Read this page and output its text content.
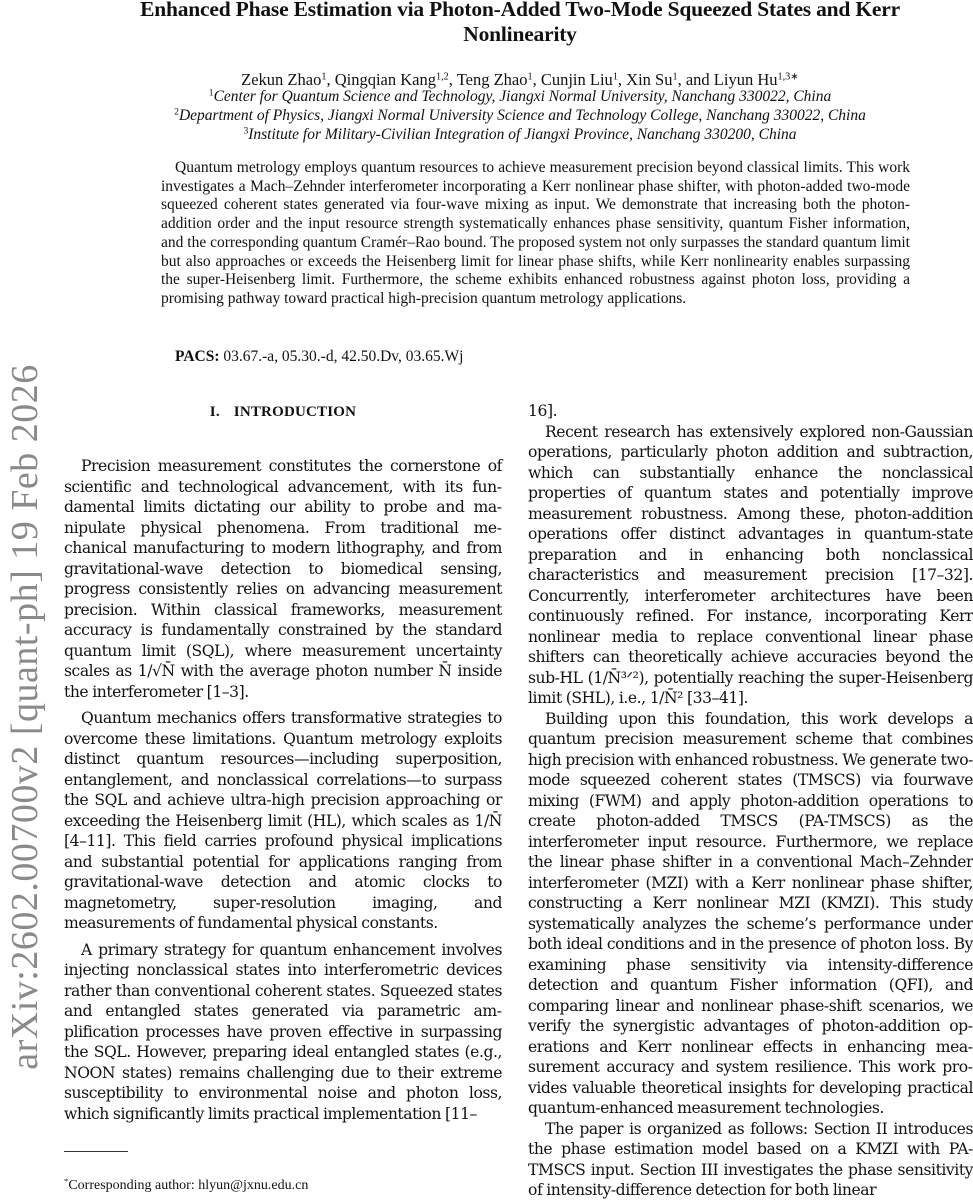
arXiv:2602.00700v2 [quant-ph] 19 Feb 2026
Enhanced Phase Estimation via Photon-Added Two-Mode Squeezed States and Kerr
Nonlinearity
Zekun Zhao$^1$, Qingqian Kang$^{1,2}$, Teng Zhao$^1$, Cunjin Liu$^1$, Xin Su$^1$, and Liyun $Hu^{1,3∗}$
$^1$Center for Quantum Science and Technology, Jiangxi Normal University, Nanchang 330022, China
$^2$Department of Physics, Jiangxi Normal University Science and Technology College, Nanchang 330022, China
$^3$Institute for Military-Civilian Integration of Jiangxi Province, Nanchang 330200, China
Quantum metrology employs quantum resources to achieve measurement precision beyond classical limits. This work investigates a Mach–Zehnder interferometer incorporating a Kerr nonlinear phase shifter, with photon-added two-mode squeezed coherent states generated via four-wave mixing as input. We demonstrate that increasing both the photon-addition order and the input resource strength systematically enhances phase sensitivity, quantum Fisher information, and the corresponding quantum Cramér–Rao bound. The proposed system not only surpasses the standard quantum limit but also approaches or exceeds the Heisenberg limit for linear phase shifts, while Kerr nonlinearity enables surpassing the super-Heisenberg limit. Furthermore, the scheme exhibits enhanced robustness against photon loss, providing a promising pathway toward practical high-precision quantum metrology applications.
PACS: 03.67.-a, 05.30.-d, 42.50.Dv, 03.65.Wj
I. INTRODUCTION

Precision measurement constitutes the cornerstone of scientific and technological advancement, with its fundamental limits dictating our ability to probe and manipulate physical phenomena. From traditional mechanical manufacturing to modern lithography, and from gravitational-wave detection to biomedical sensing, progress consistently relies on advancing measurement precision. Within classical frameworks, measurement accuracy is fundamentally constrained by the standard quantum limit (SQL), where measurement uncertainty scales as 1/√N̄ with the average photon number N̄ inside the interferometer [1–3].

Quantum mechanics offers transformative strategies to overcome these limitations. Quantum metrology exploits distinct quantum resources—including superposition, entanglement, and nonclassical correlations—to surpass the SQL and achieve ultra-high precision approaching or exceeding the Heisenberg limit (HL), which scales as 1/N̄ [4–11]. This field carries profound physical implications and substantial potential for applications ranging from gravitational-wave detection and atomic clocks to magnetometry, super-resolution imaging, and measurements of fundamental physical constants.

A primary strategy for quantum enhancement involves injecting nonclassical states into interferometric devices rather than conventional coherent states. Squeezed states and entangled states generated via parametric amplification processes have proven effective in surpassing the SQL. However, preparing ideal entangled states (e.g., NOON states) remains challenging due to their extreme susceptibility to environmental noise and photon loss, which significantly limits practical implementation [11–

16].

Recent research has extensively explored non-Gaussian operations, particularly photon addition and subtraction, which can substantially enhance the nonclassical properties of quantum states and potentially improve measurement robustness. Among these, photon-addition operations offer distinct advantages in quantum-state preparation and in enhancing both nonclassical characteristics and measurement precision [17–32]. Concurrently, interferometer architectures have been continuously refined. For instance, incorporating Kerr nonlinear media to replace conventional linear phase shifters can theoretically achieve accuracies beyond the sub-HL (1/N̄³ᐟ²), potentially reaching the super-Heisenberg limit (SHL), i.e., 1/N̄² [33–41].

Building upon this foundation, this work develops a quantum precision measurement scheme that combines high precision with enhanced robustness. We generate two-mode squeezed coherent states (TMSCS) via fourwave mixing (FWM) and apply photon-addition operations to create photon-added TMSCS (PA-TMSCS) as the interferometer input resource. Furthermore, we replace the linear phase shifter in a conventional Mach–Zehnder interferometer (MZI) with a Kerr nonlinear phase shifter, constructing a Kerr nonlinear MZI (KMZI). This study systematically analyzes the scheme’s performance under both ideal conditions and in the presence of photon loss. By examining phase sensitivity via intensity-difference detection and quantum Fisher information (QFI), and comparing linear and nonlinear phase-shift scenarios, we verify the synergistic advantages of photon-addition operations and Kerr nonlinear effects in enhancing measurement accuracy and system resilience. This work provides valuable theoretical insights for developing practical quantum-enhanced measurement technologies.

The paper is organized as follows: Section II introduces the phase estimation model based on a KMZI with PA-TMSCS input. Section III investigates the phase sensitivity of intensity-difference detection for both linear

*Corresponding author: hlyun@jxnu.edu.cn
